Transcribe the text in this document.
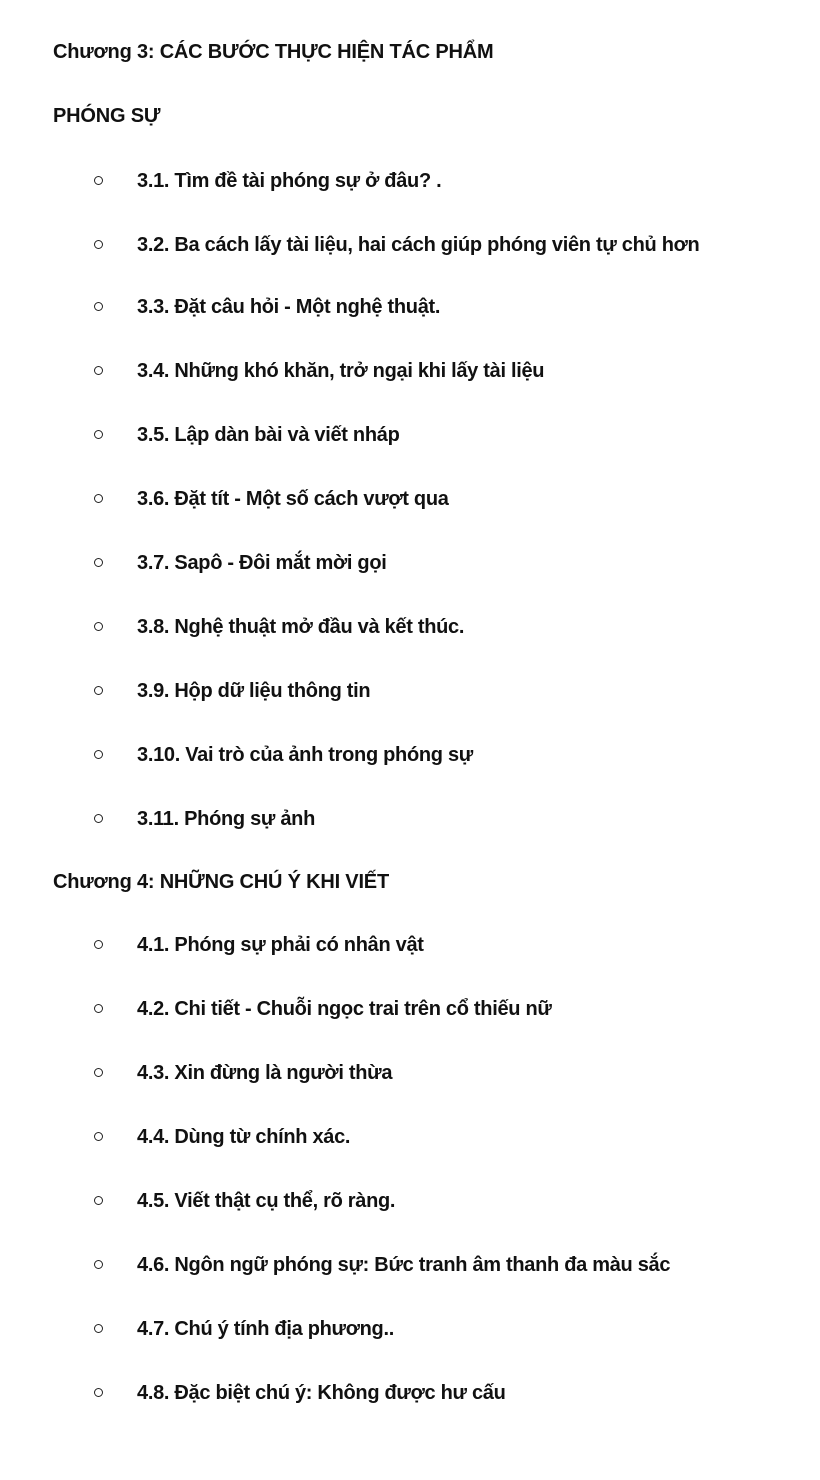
Chương 3: CÁC BƯỚC THỰC HIỆN TÁC PHẨM
PHÓNG SỰ
3.1. Tìm đề tài phóng sự ở đâu? .
3.2. Ba cách lấy tài liệu, hai cách giúp phóng viên tự chủ hơn
3.3. Đặt câu hỏi - Một nghệ thuật.
3.4. Những khó khăn, trở ngại khi lấy tài liệu
3.5. Lập dàn bài và viết nháp
3.6. Đặt tít - Một số cách vượt qua
3.7. Sapô - Đôi mắt mời gọi
3.8. Nghệ thuật mở đầu và kết thúc.
3.9. Hộp dữ liệu thông tin
3.10. Vai trò của ảnh trong phóng sự
3.11. Phóng sự ảnh
Chương 4: NHỮNG CHÚ Ý KHI VIẾT
4.1. Phóng sự phải có nhân vật
4.2. Chi tiết - Chuỗi ngọc trai trên cổ thiếu nữ
4.3. Xin đừng là người thừa
4.4. Dùng từ chính xác.
4.5. Viết thật cụ thể, rõ ràng.
4.6. Ngôn ngữ phóng sự: Bức tranh âm thanh đa màu sắc
4.7. Chú ý tính địa phương..
4.8. Đặc biệt chú ý: Không được hư cấu
